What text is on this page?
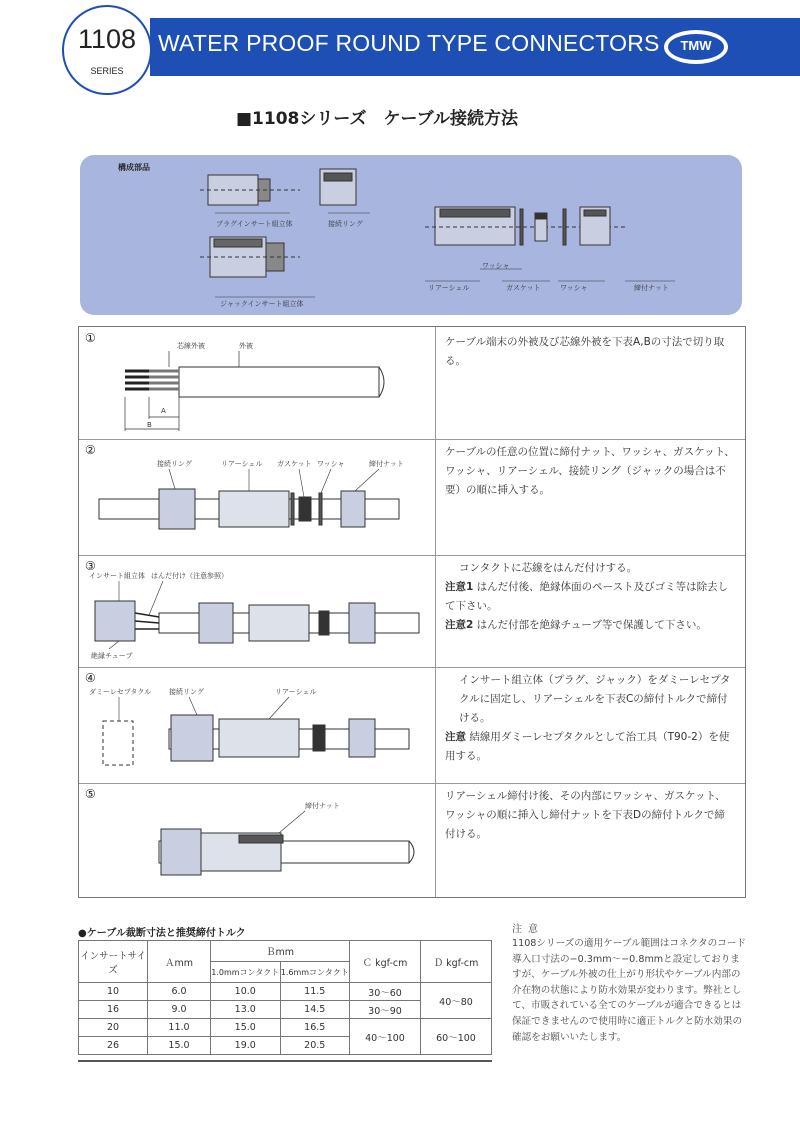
1108
SERIES
WATER PROOF ROUND TYPE CONNECTORS	TMW
■1108シリーズ　ケーブル接続方法
プラグインサート組立体	接続リング
ジャックインサート組立体
リアーシェル	ガスケット	ワッシャ	締付ナット
ワッシャ
構成部品
①
芯線外被	外被
A
B
ケーブル端末の外被及び芯線外被を下表A,Bの寸法で切り取る。
②
接続リング	リアーシェル ガスケット ワッシャ	締付ナット
ケーブルの任意の位置に締付ナット、ワッシャ、ガスケット、ワッシャ、リアーシェル、接続リング（ジャックの場合は不要）の順に挿入する。
③
インサート組立体 はんだ付け（注意参照）
絶縁チューブ
コンタクトに芯線をはんだ付けする。
注意1 はんだ付後、絶縁体面のペースト及びゴミ等は除去して下さい。
注意2 はんだ付部を絶縁チューブ等で保護して下さい。
④
ダミーレセプタクル	接続リング	リアーシェル
インサート組立体（プラグ、ジャック）をダミーレセプタクルに固定し、リアーシェルを下表Cの締付トルクで締付ける。
注意 結線用ダミーレセプタクルとして治工具（T90-2）を使用する。
⑤
締付ナット
リアーシェル締付け後、その内部にワッシャ、ガスケット、ワッシャの順に挿入し締付ナットを下表Dの締付トルクで締付ける。
●ケーブル裁断寸法と推奨締付トルク
インサートサイズ	Ａmm	Ｂmm		Ｃ kgf-cm	Ｄ kgf-cm
		1.0mmコンタクト	1.6mmコンタクト		
10	6.0	10.0	11.5	30～60	40～80
16	9.0	13.0	14.5	30～90	
20	11.0	15.0	16.5	40～100	60～100
26	15.0	19.0	20.5		
注意
1108シリーズの適用ケーブル範囲はコネクタのコード導入口寸法の−0.3mm～−0.8mmと設定しておりますが、ケーブル外被の仕上がり形状やケーブル内部の介在物の状態により防水効果が変わります。弊社として、市販されている全てのケーブルが適合できるとは保証できませんので使用時に適正トルクと防水効果の確認をお願いいたします。
